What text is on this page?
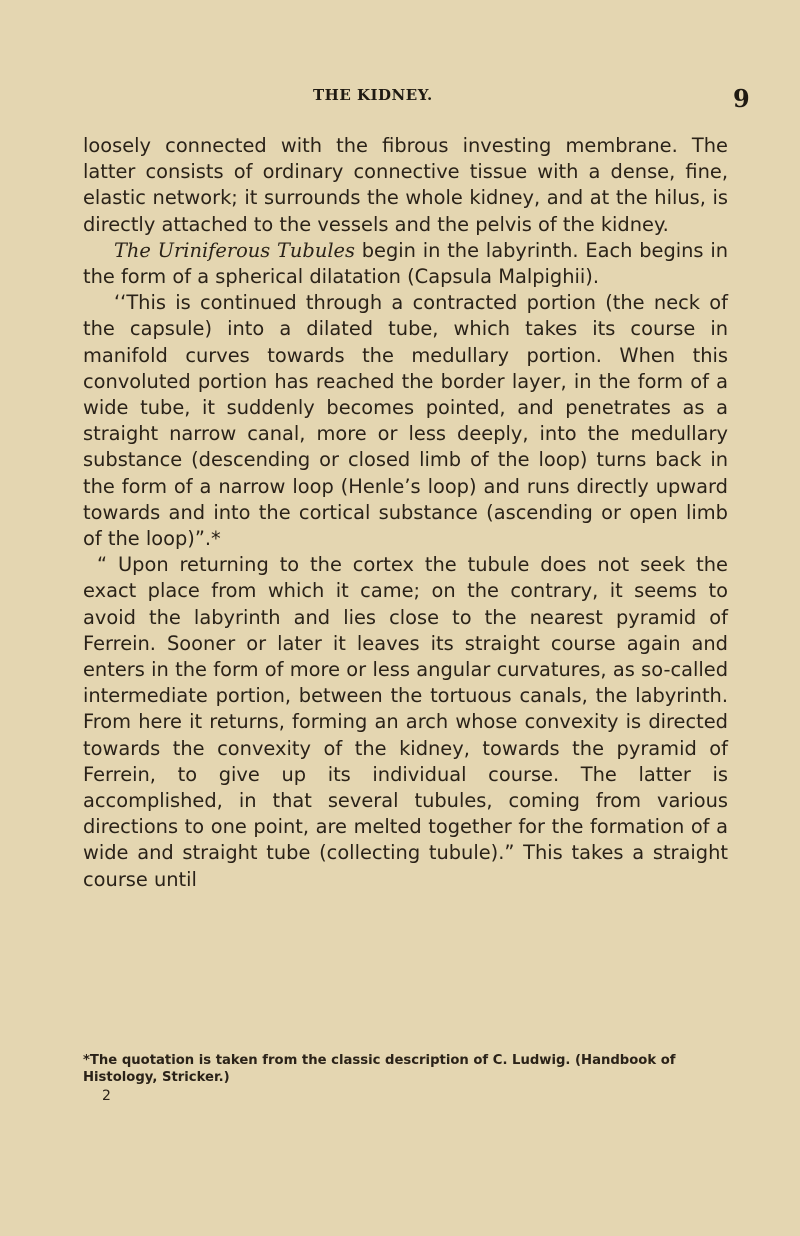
THE KIDNEY.	9

loosely connected with the fibrous investing membrane. The latter consists of ordinary connective tissue with a dense, fine, elastic network; it surrounds the whole kidney, and at the hilus, is directly attached to the vessels and the pelvis of the kidney.

The Uriniferous Tubules begin in the labyrinth. Each begins in the form of a spherical dilatation (Capsula Malpighii).

‘‘This is continued through a contracted portion (the neck of the capsule) into a dilated tube, which takes its course in manifold curves towards the medullary portion. When this convoluted portion has reached the border layer, in the form of a wide tube, it suddenly becomes pointed, and penetrates as a straight narrow canal, more or less deeply, into the medullary substance (descending or closed limb of the loop) turns back in the form of a narrow loop (Henle’s loop) and runs directly upward towards and into the cortical substance (ascending or open limb of the loop)”.*

“ Upon returning to the cortex the tubule does not seek the exact place from which it came; on the contrary, it seems to avoid the labyrinth and lies close to the nearest pyramid of Ferrein. Sooner or later it leaves its straight course again and enters in the form of more or less angular curvatures, as so-called intermediate portion, between the tortuous canals, the labyrinth. From here it returns, forming an arch whose convexity is directed towards the convexity of the kidney, towards the pyramid of Ferrein, to give up its individual course. The latter is accomplished, in that several tubules, coming from various directions to one point, are melted together for the formation of a wide and straight tube (collecting tubule).” This takes a straight course until

*The quotation is taken from the classic description of C. Ludwig. (Handbook of Histology, Stricker.)
2
